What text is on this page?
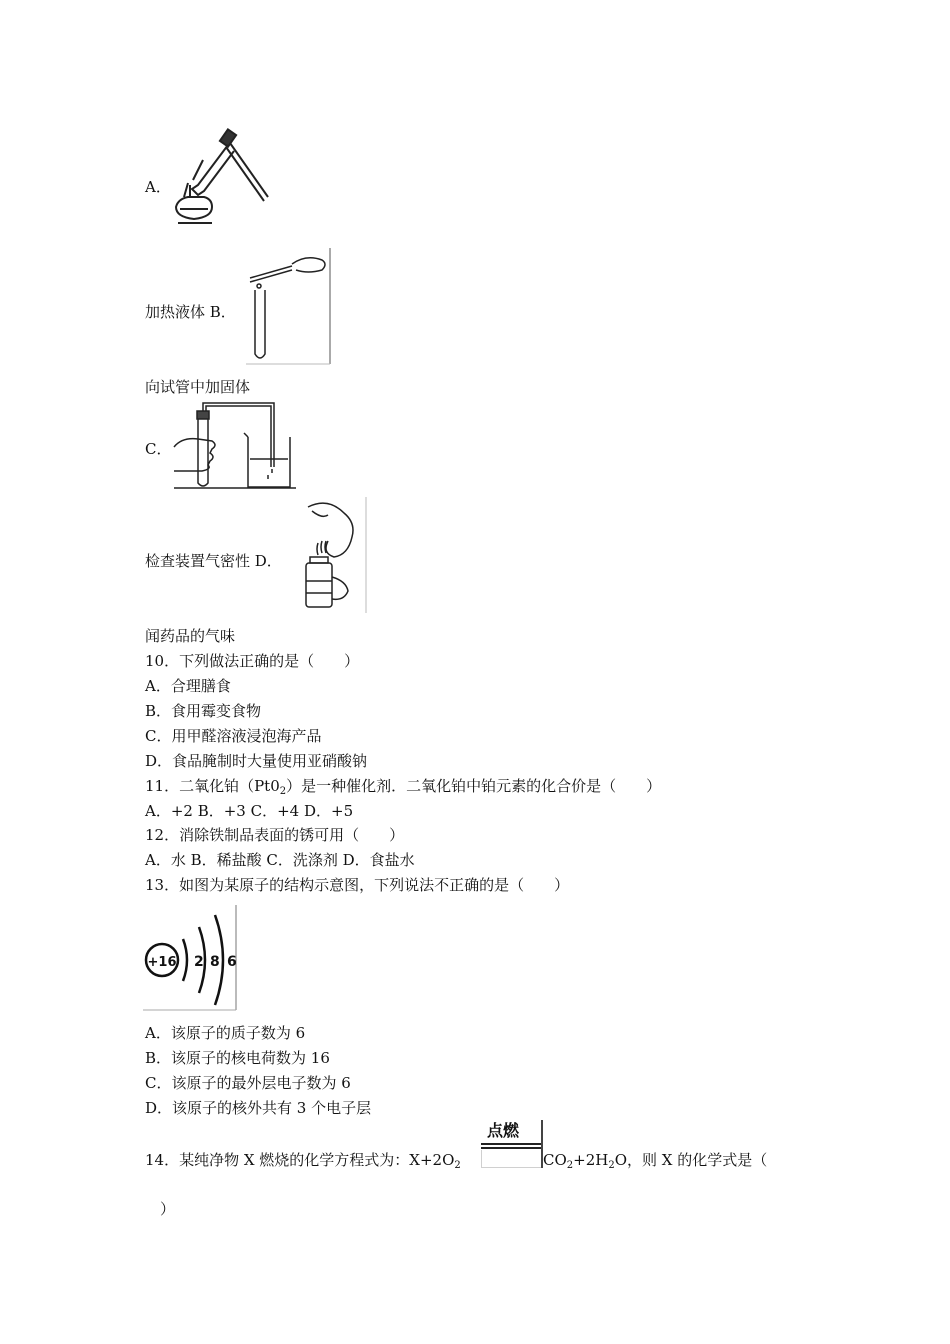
A．
加热液体 B．
向试管中加固体
C．
检查装置气密性 D．
闻药品的气味
10．下列做法正确的是（　　）
A．合理膳食
B．食用霉变食物
C．用甲醛溶液浸泡海产品
D．食品腌制时大量使用亚硝酸钠
11．二氧化铂$(Pt0_2)$是一种催化剂．二氧化铂中铂元素的化合价是（　　）
A．+2 B．+3 C．+4 D．+5
12．消除铁制品表面的锈可用（　　）
A．水 B．稀盐酸 C．洗涤剂 D．食盐水
13．如图为某原子的结构示意图，下列说法不正确的是（　　）
+16 2 8 6
A．该原子的质子数为 6
B．该原子的核电荷数为 16
C．该原子的最外层电子数为 6
D．该原子的核外共有 3 个电子层
点燃
14．某纯净物 X 燃烧的化学方程式为：$X+2O_2$	$CO_2+2H_2O$，则 X 的化学式是（
）
